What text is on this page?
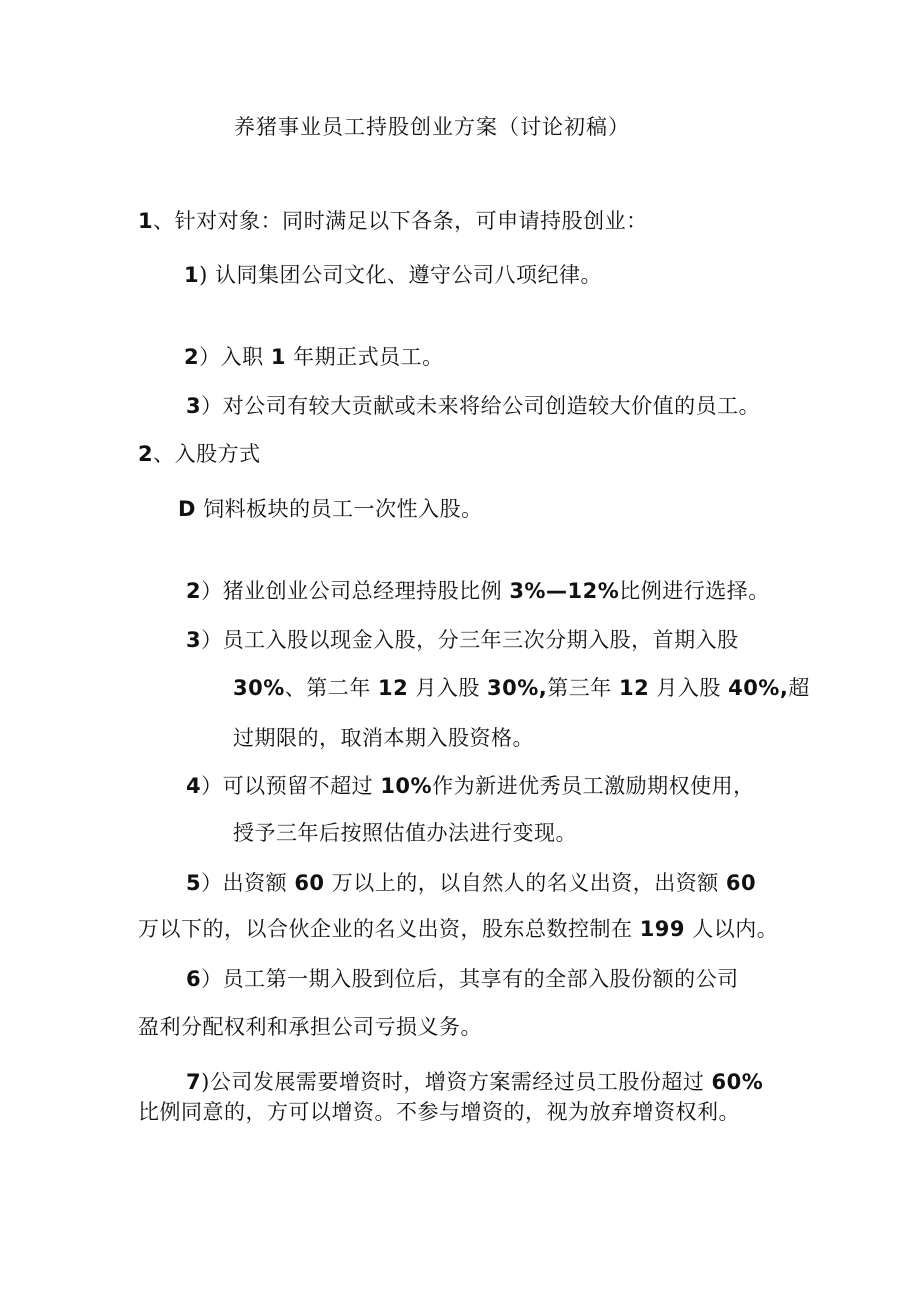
养猪事业员工持股创业方案（讨论初稿）
1、针对对象：同时满足以下各条，可申请持股创业：
1) 认同集团公司文化、遵守公司八项纪律。
2）入职 1 年期正式员工。
3）对公司有较大贡献或未来将给公司创造较大价值的员工。
2、入股方式
D 饲料板块的员工一次性入股。
2）猪业创业公司总经理持股比例 3%—12%比例进行选择。
3）员工入股以现金入股，分三年三次分期入股，首期入股
30%、第二年 12 月入股 30%,第三年 12 月入股 40%,超
过期限的，取消本期入股资格。
4）可以预留不超过 10%作为新进优秀员工激励期权使用，
授予三年后按照估值办法进行变现。
5）出资额 60 万以上的，以自然人的名义出资，出资额 60
万以下的，以合伙企业的名义出资，股东总数控制在 199 人以内。
6）员工第一期入股到位后，其享有的全部入股份额的公司
盈利分配权利和承担公司亏损义务。
7)公司发展需要增资时，增资方案需经过员工股份超过 60%
比例同意的，方可以增资。不参与增资的，视为放弃增资权利。
